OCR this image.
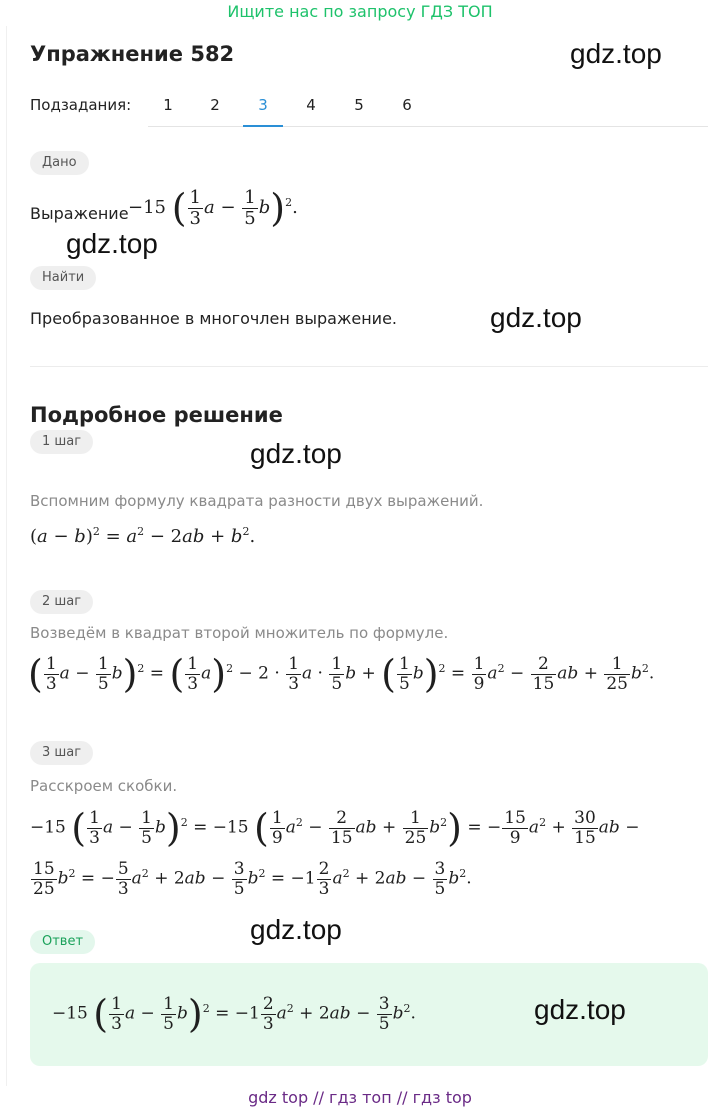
Ищите нас по запросу ГДЗ ТОП
Упражнение 582	gdz.top
Подзадания:	1	2	3	4	5	6
Дано
Выражение −15 ( $\frac{1}{3}$ $a - \frac{1}{5} b)^2$.
gdz.top
Найти
Преобразованное в многочлен выражение.	gdz.top
Подробное решение
gdz.top
1 шаг
Вспомним формулу квадрата разности двух выражений.
$(a - b)^2 = a^2 - 2ab + b^2$.
2 шаг
Возведём в квадрат второй множитель по формуле.
( $\frac{1}{3}$ $a - \frac{1}{5} b)^2$ = ( $\frac{1}{3} a)^2 - 2 \cdot \frac{1}{3}$ $a \cdot \frac{1}{5}$ b + ( $\frac{1}{5} b)^2 = \frac{1}{9} a^2 - \frac{2}{15}$ ab + $\frac{1}{25} b^2$.
3 шаг
Расскроем скобки.
−15 ( $\frac{1}{3}$ $a - \frac{1}{5} b)^2 = -15$ ( $\frac{1}{9} a^2 - \frac{2}{15}$ ab + $\frac{1}{25} b^2$) = − $\frac{15}{9} a^2 + \frac{30}{15}$ ab −
$\frac{15}{25} b^2$ = − $\frac{5}{3} a^2 + 2ab - \frac{3}{5} b^2 = -1 \frac{2}{3} a^2 + 2ab - \frac{3}{5} b^2$.
gdz.top
Ответ
−15 ( $\frac{1}{3}$ $a - \frac{1}{5} b)^2 = -1 \frac{2}{3} a^2 + 2ab - \frac{3}{5} b^2$.	gdz.top
gdz top // гдз топ // гдз top
